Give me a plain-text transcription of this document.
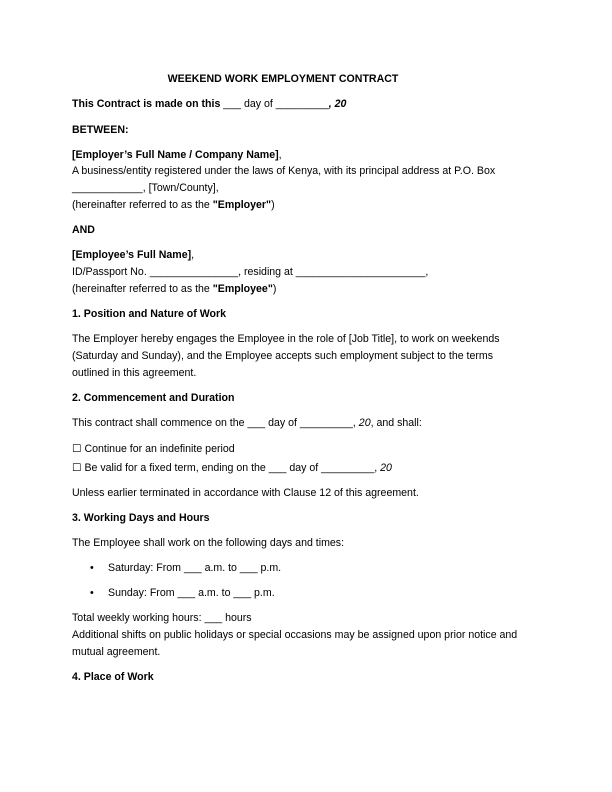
WEEKEND WORK EMPLOYMENT CONTRACT
This Contract is made on this ___ day of _________, 20
BETWEEN:
[Employer’s Full Name / Company Name],
A business/entity registered under the laws of Kenya, with its principal address at P.O. Box
____________, [Town/County],
(hereinafter referred to as the "Employer")
AND
[Employee’s Full Name],
ID/Passport No. _______________, residing at ______________________,
(hereinafter referred to as the "Employee")
1. Position and Nature of Work
The Employer hereby engages the Employee in the role of [Job Title], to work on weekends
(Saturday and Sunday), and the Employee accepts such employment subject to the terms
outlined in this agreement.
2. Commencement and Duration
This contract shall commence on the ___ day of _________, 20, and shall:
☐ Continue for an indefinite period
☐ Be valid for a fixed term, ending on the ___ day of _________, 20
Unless earlier terminated in accordance with Clause 12 of this agreement.
3. Working Days and Hours
The Employee shall work on the following days and times:
• Saturday: From ___ a.m. to ___ p.m.
• Sunday: From ___ a.m. to ___ p.m.
Total weekly working hours: ___ hours
Additional shifts on public holidays or special occasions may be assigned upon prior notice and
mutual agreement.
4. Place of Work
